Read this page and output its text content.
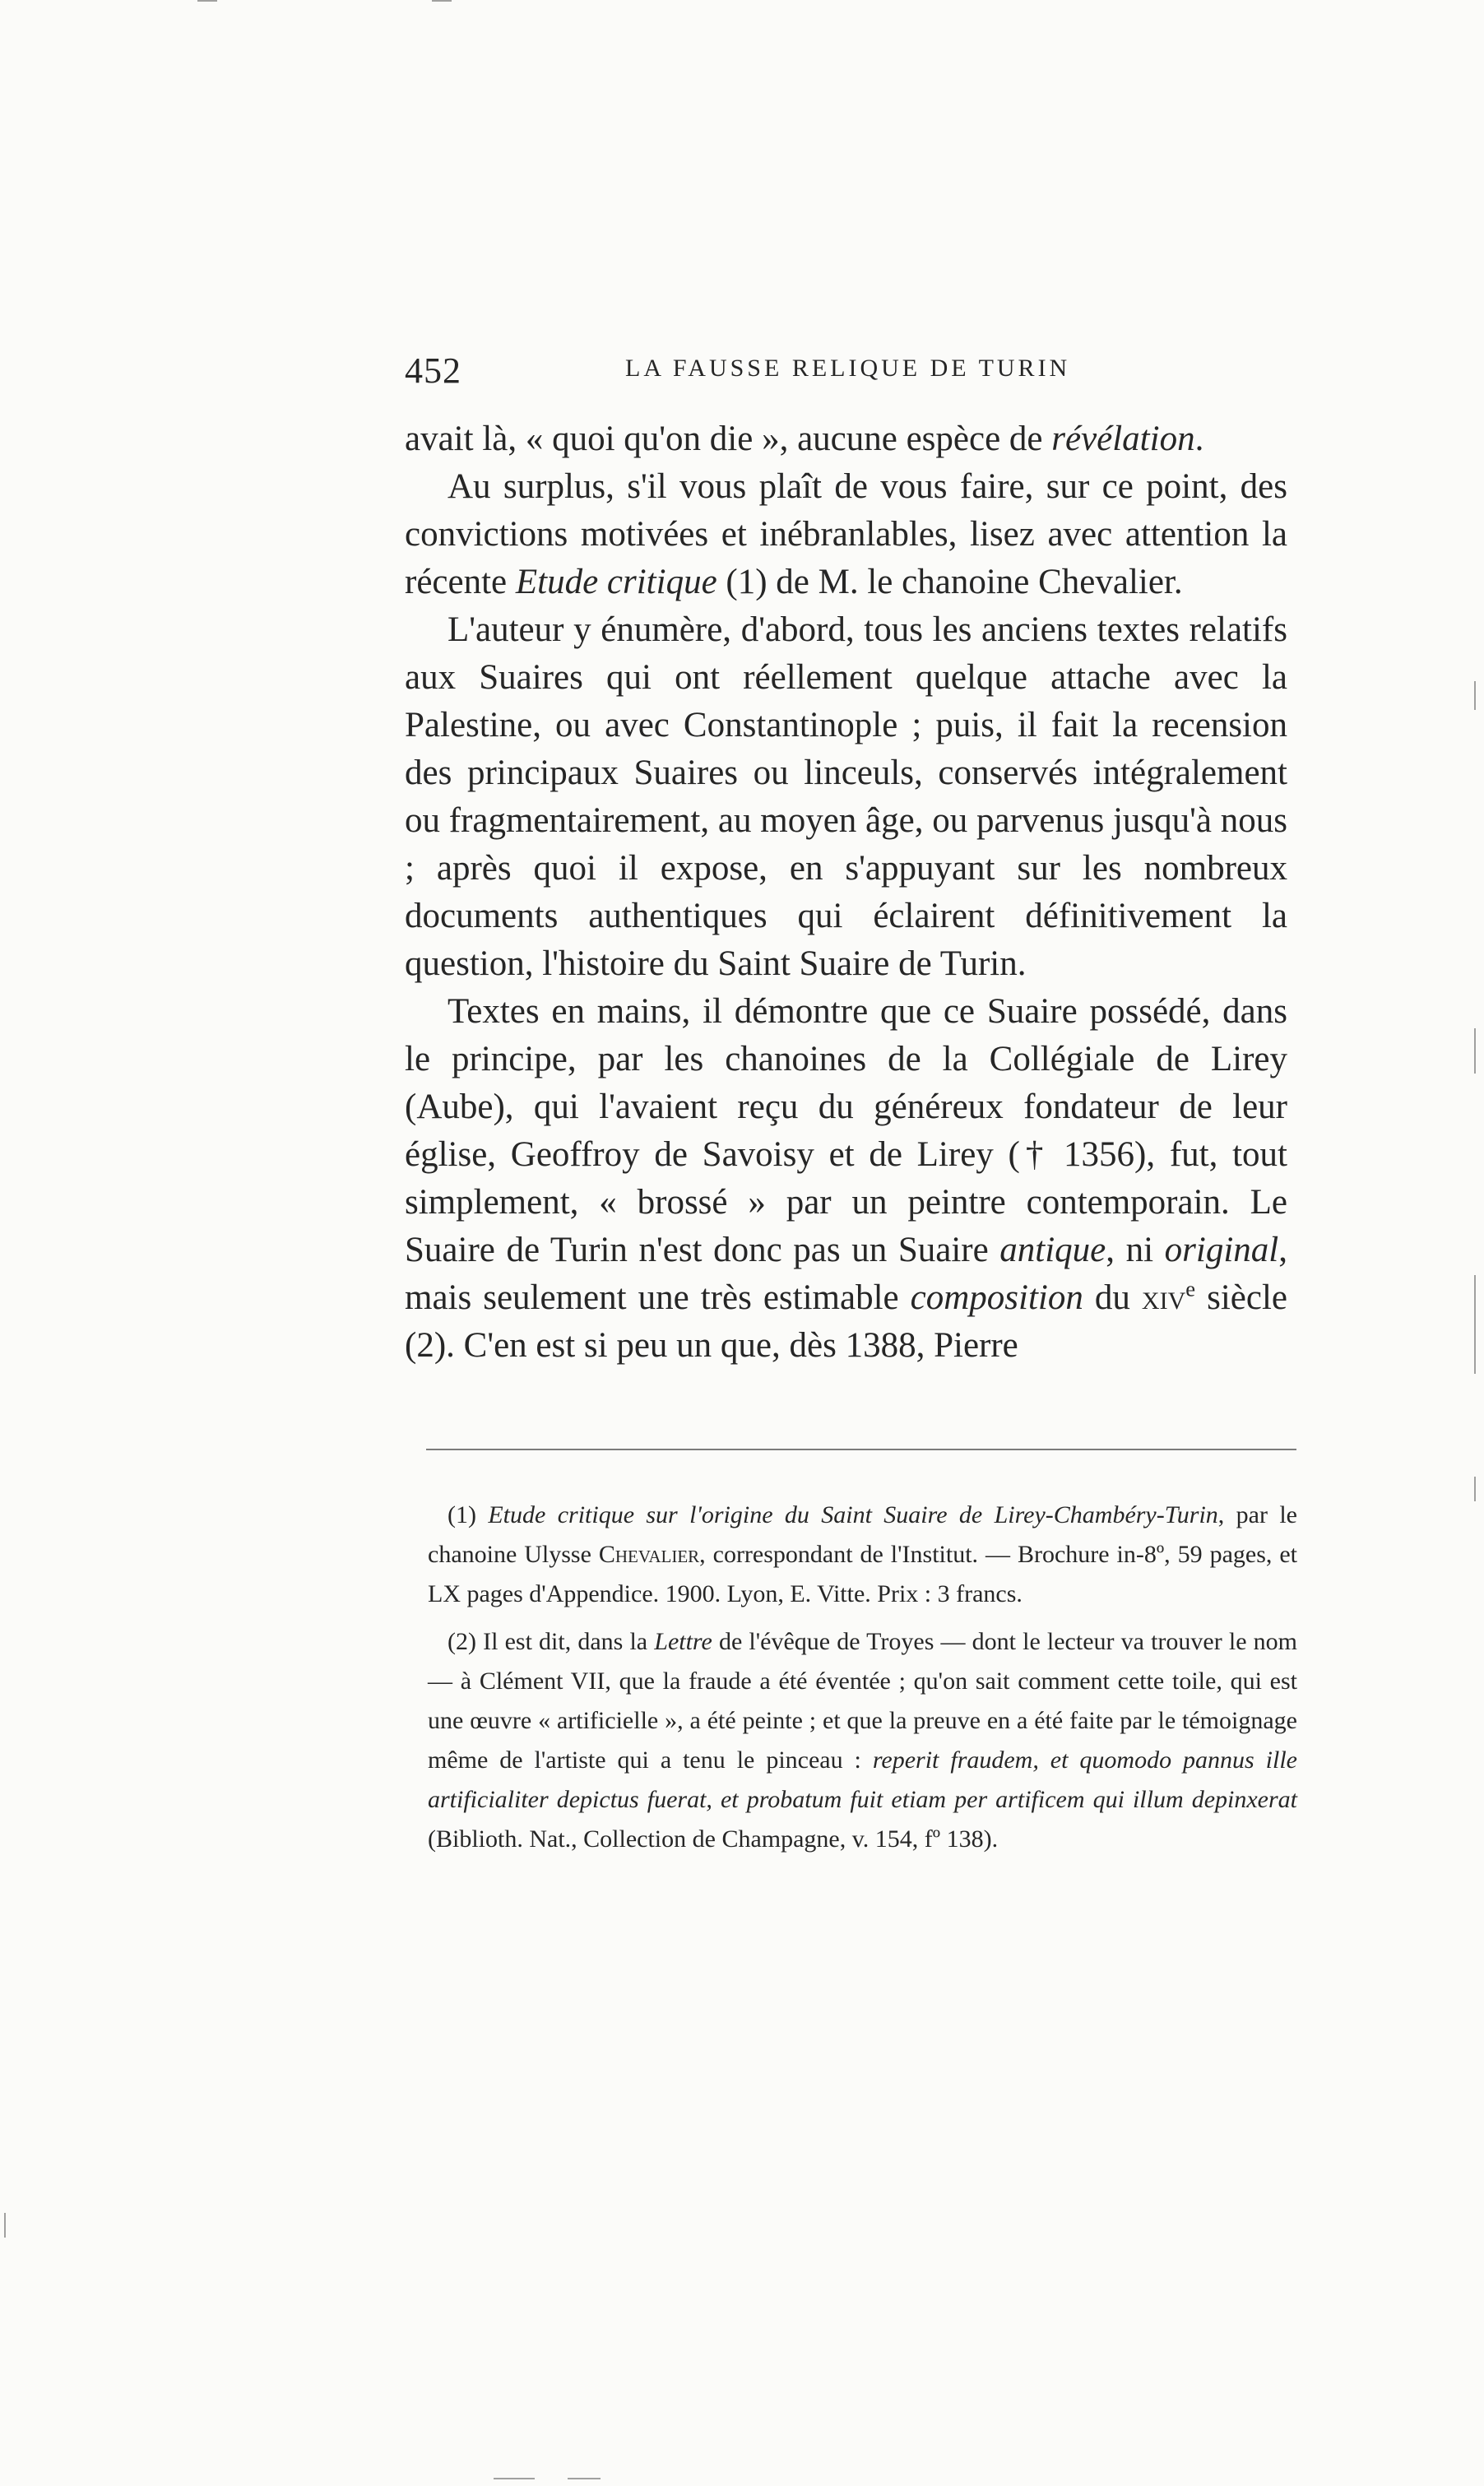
452	LA FAUSSE RELIQUE DE TURIN

avait là, « quoi qu'on die », aucune espèce de révélation.

Au surplus, s'il vous plaît de vous faire, sur ce point, des convictions motivées et inébranlables, lisez avec attention la récente Etude critique (1) de M. le chanoine Chevalier.

L'auteur y énumère, d'abord, tous les anciens textes relatifs aux Suaires qui ont réellement quelque attache avec la Palestine, ou avec Constantinople ; puis, il fait la recension des principaux Suaires ou linceuls, conservés intégralement ou fragmentairement, au moyen âge, ou parvenus jusqu'à nous ; après quoi il expose, en s'appuyant sur les nombreux documents authentiques qui éclairent définitivement la question, l'histoire du Saint Suaire de Turin.

Textes en mains, il démontre que ce Suaire possédé, dans le principe, par les chanoines de la Collégiale de Lirey (Aube), qui l'avaient reçu du généreux fondateur de leur église, Geoffroy de Savoisy et de Lirey († 1356), fut, tout simplement, « brossé » par un peintre contemporain. Le Suaire de Turin n'est donc pas un Suaire antique, ni original, mais seulement une très estimable composition du xiv$^e$ siècle (2). C'en est si peu un que, dès 1388, Pierre

(1) Etude critique sur l'origine du Saint Suaire de Lirey-Chambéry-Turin, par le chanoine Ulysse Chevalier, correspondant de l'Institut. — Brochure in-8º, 59 pages, et LX pages d'Appendice. 1900. Lyon, E. Vitte. Prix : 3 francs.

(2) Il est dit, dans la Lettre de l'évêque de Troyes — dont le lecteur va trouver le nom — à Clément VII, que la fraude a été éventée ; qu'on sait comment cette toile, qui est une œuvre « artificielle », a été peinte ; et que la preuve en a été faite par le témoignage même de l'artiste qui a tenu le pinceau : reperit fraudem, et quomodo pannus ille artificialiter depictus fuerat, et probatum fuit etiam per artificem qui illum depinxerat (Biblioth. Nat., Collection de Champagne, v. 154, fº 138).
